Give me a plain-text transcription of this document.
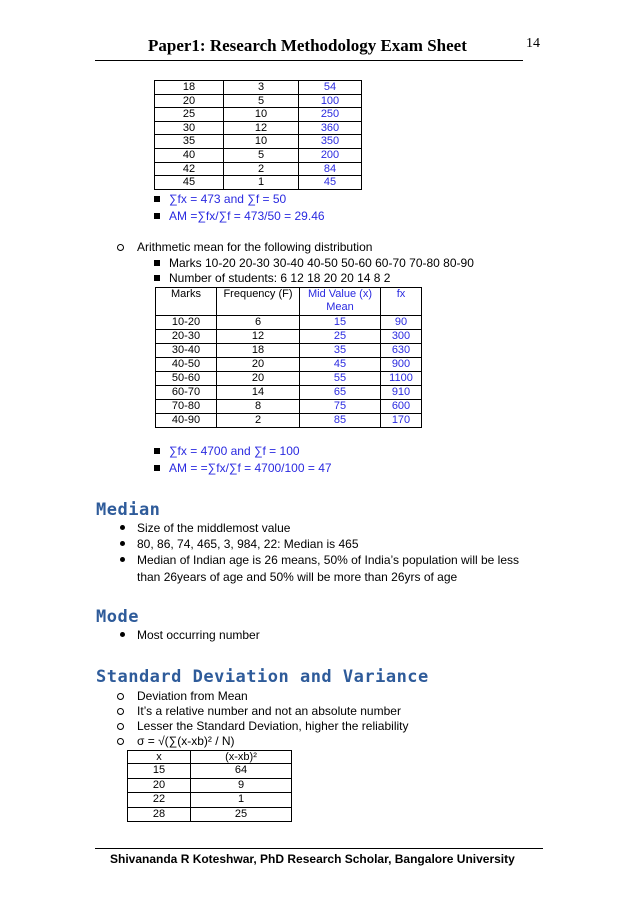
Paper1: Research Methodology Exam Sheet	14
18	3	54
20	5	100
25	10	250
30	12	360
35	10	350
40	5	200
42	2	84
45	1	45
∑fx = 473 and ∑f = 50
AM =∑fx/∑f = 473/50 = 29.46
Arithmetic mean for the following distribution
Marks 10-20 20-30 30-40 40-50 50-60 60-70 70-80 80-90
Number of students: 6 12 18 20 20 14 8 2
Marks	Frequency (F)	Mid Value (x) Mean	fx
10-20	6	15	90
20-30	12	25	300
30-40	18	35	630
40-50	20	45	900
50-60	20	55	1100
60-70	14	65	910
70-80	8	75	600
40-90	2	85	170
∑fx = 4700 and ∑f = 100
AM = =∑fx/∑f = 4700/100 = 47
Median
Size of the middlemost value
80, 86, 74, 465, 3, 984, 22: Median is 465
Median of Indian age is 26 means, 50% of India’s population will be less
than 26years of age and 50% will be more than 26yrs of age
Mode
Most occurring number
Standard Deviation and Variance
Deviation from Mean
It’s a relative number and not an absolute number
Lesser the Standard Deviation, higher the reliability
σ = √(∑(x-xb)² / N)
x	(x-xb)²
15	64
20	9
22	1
28	25
Shivananda R Koteshwar, PhD Research Scholar, Bangalore University
